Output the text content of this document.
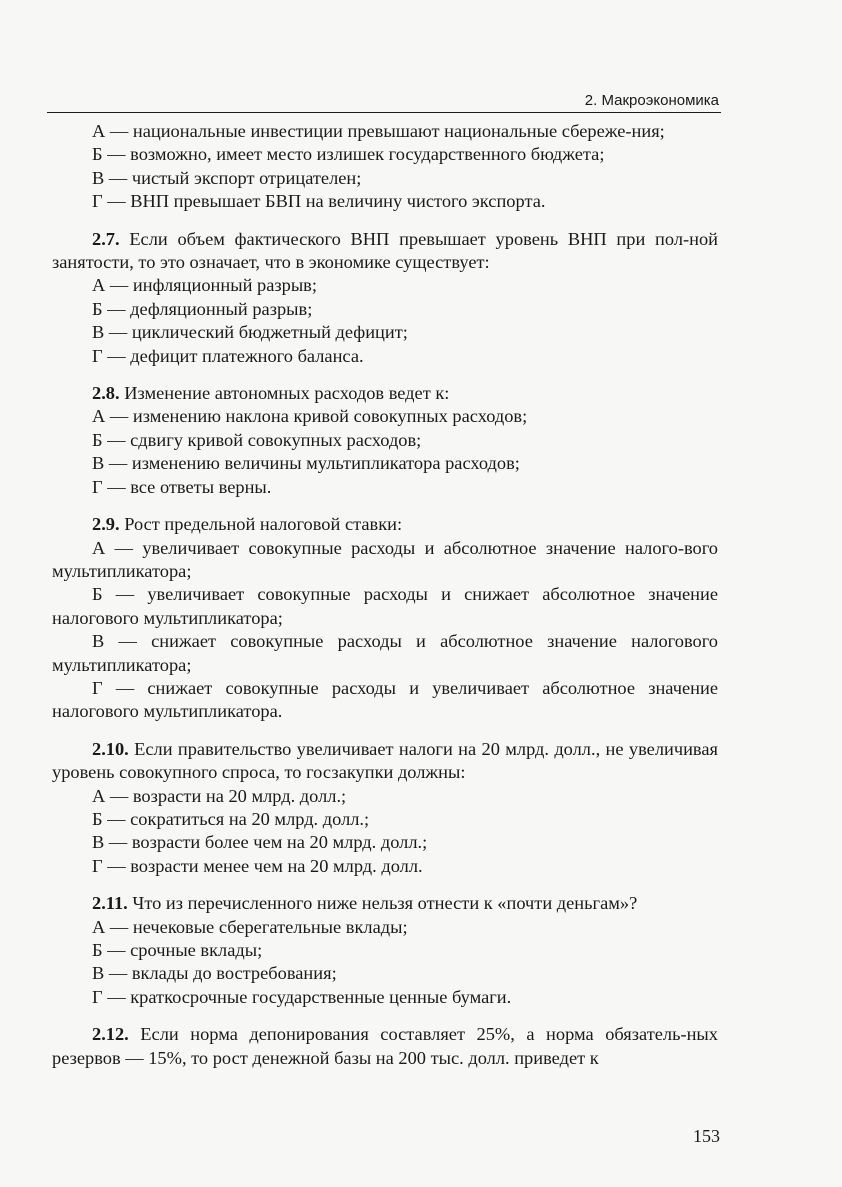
2. Макроэкономика

А — национальные инвестиции превышают национальные сбереже-ния;

Б — возможно, имеет место излишек государственного бюджета;

В — чистый экспорт отрицателен;

Г — ВНП превышает БВП на величину чистого экспорта.

2.7. Если объем фактического ВНП превышает уровень ВНП при пол-ной занятости, то это означает, что в экономике существует:

А — инфляционный разрыв;

Б — дефляционный разрыв;

В — циклический бюджетный дефицит;

Г — дефицит платежного баланса.

2.8. Изменение автономных расходов ведет к:

А — изменению наклона кривой совокупных расходов;

Б — сдвигу кривой совокупных расходов;

В — изменению величины мультипликатора расходов;

Г — все ответы верны.

2.9. Рост предельной налоговой ставки:

А — увеличивает совокупные расходы и абсолютное значение налого-вого мультипликатора;

Б — увеличивает совокупные расходы и снижает абсолютное значение налогового мультипликатора;

В — снижает совокупные расходы и абсолютное значение налогового мультипликатора;

Г — снижает совокупные расходы и увеличивает абсолютное значение налогового мультипликатора.

2.10. Если правительство увеличивает налоги на 20 млрд. долл., не увеличивая уровень совокупного спроса, то госзакупки должны:

А — возрасти на 20 млрд. долл.;

Б — сократиться на 20 млрд. долл.;

В — возрасти более чем на 20 млрд. долл.;

Г — возрасти менее чем на 20 млрд. долл.

2.11. Что из перечисленного ниже нельзя отнести к «почти деньгам»?

А — нечековые сберегательные вклады;

Б — срочные вклады;

В — вклады до востребования;

Г — краткосрочные государственные ценные бумаги.

2.12. Если норма депонирования составляет 25%, а норма обязатель-ных резервов — 15%, то рост денежной базы на 200 тыс. долл. приведет к

153
